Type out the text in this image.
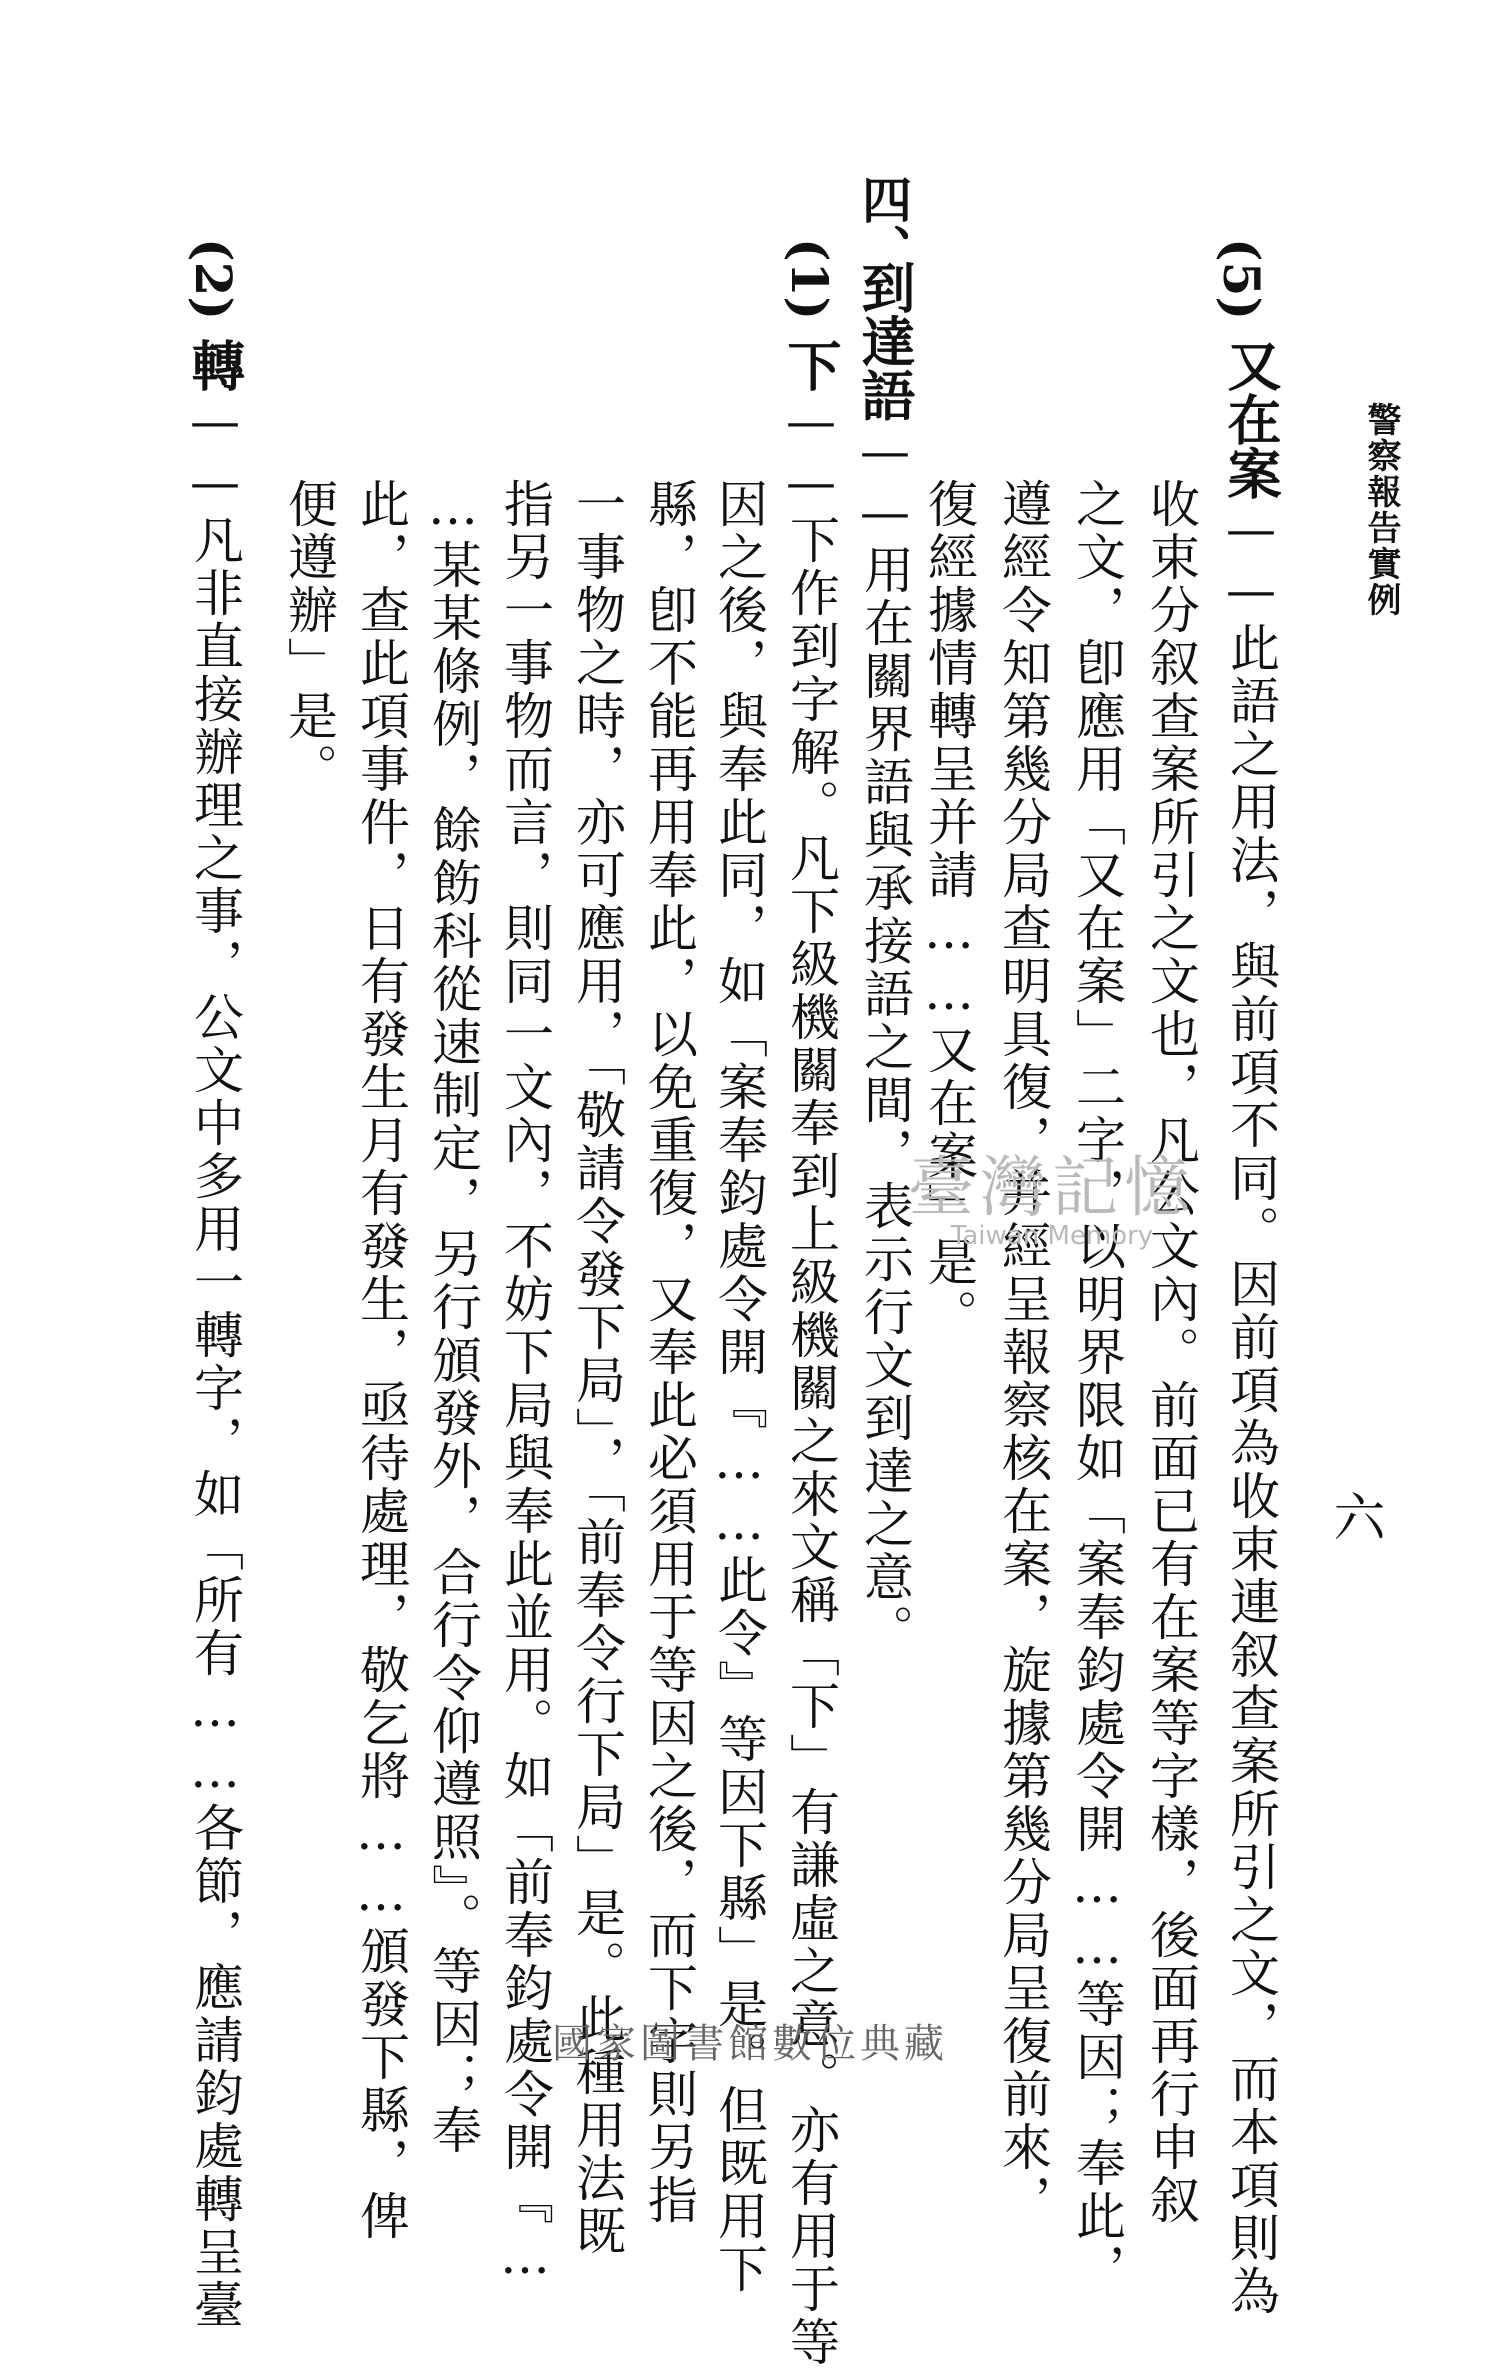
警察報告實例
六
(5)
又在案——此語之用法，與前項不同。因前項為收束連叙查案所引之文，而本項則為
收束分叙查案所引之文也，凡公文內。前面已有在案等字樣，後面再行申叙
之文，卽應用「又在案」二字，以明界限如「案奉鈞處令開……等因；奉此，
遵經令知第幾分局查明具復，并經呈報察核在案，旋據第幾分局呈復前來，
復經據情轉呈并請……又在案」是。
四、
到達語——用在關界語與承接語之間，表示行文到達之意。
(1)
下——下作到字解。凡下級機關奉到上級機關之來文稱「下」有謙虛之意。亦有用于等
因之後，與奉此同，如「案奉鈞處令開『……此令』等因下縣」是。但既用下
縣，卽不能再用奉此，以免重復，又奉此必須用于等因之後，而下字則另指
一事物之時，亦可應用，「敬請令發下局」，「前奉令行下局」是。此種用法既
指另一事物而言，則同一文內，不妨下局與奉此並用。如「前奉鈞處令開『…
…某某條例，餘飭科從速制定，另行頒發外，合行令仰遵照』。等因；奉
此，查此項事件，日有發生月有發生，亟待處理，敬乞將……頒發下縣，俾
便遵辦」是。
(2)
轉——凡非直接辦理之事，公文中多用一轉字，如「所有……各節，應請鈞處轉呈臺	臺灣記憶
Taiwan Memory
國家圖書館數位典藏
